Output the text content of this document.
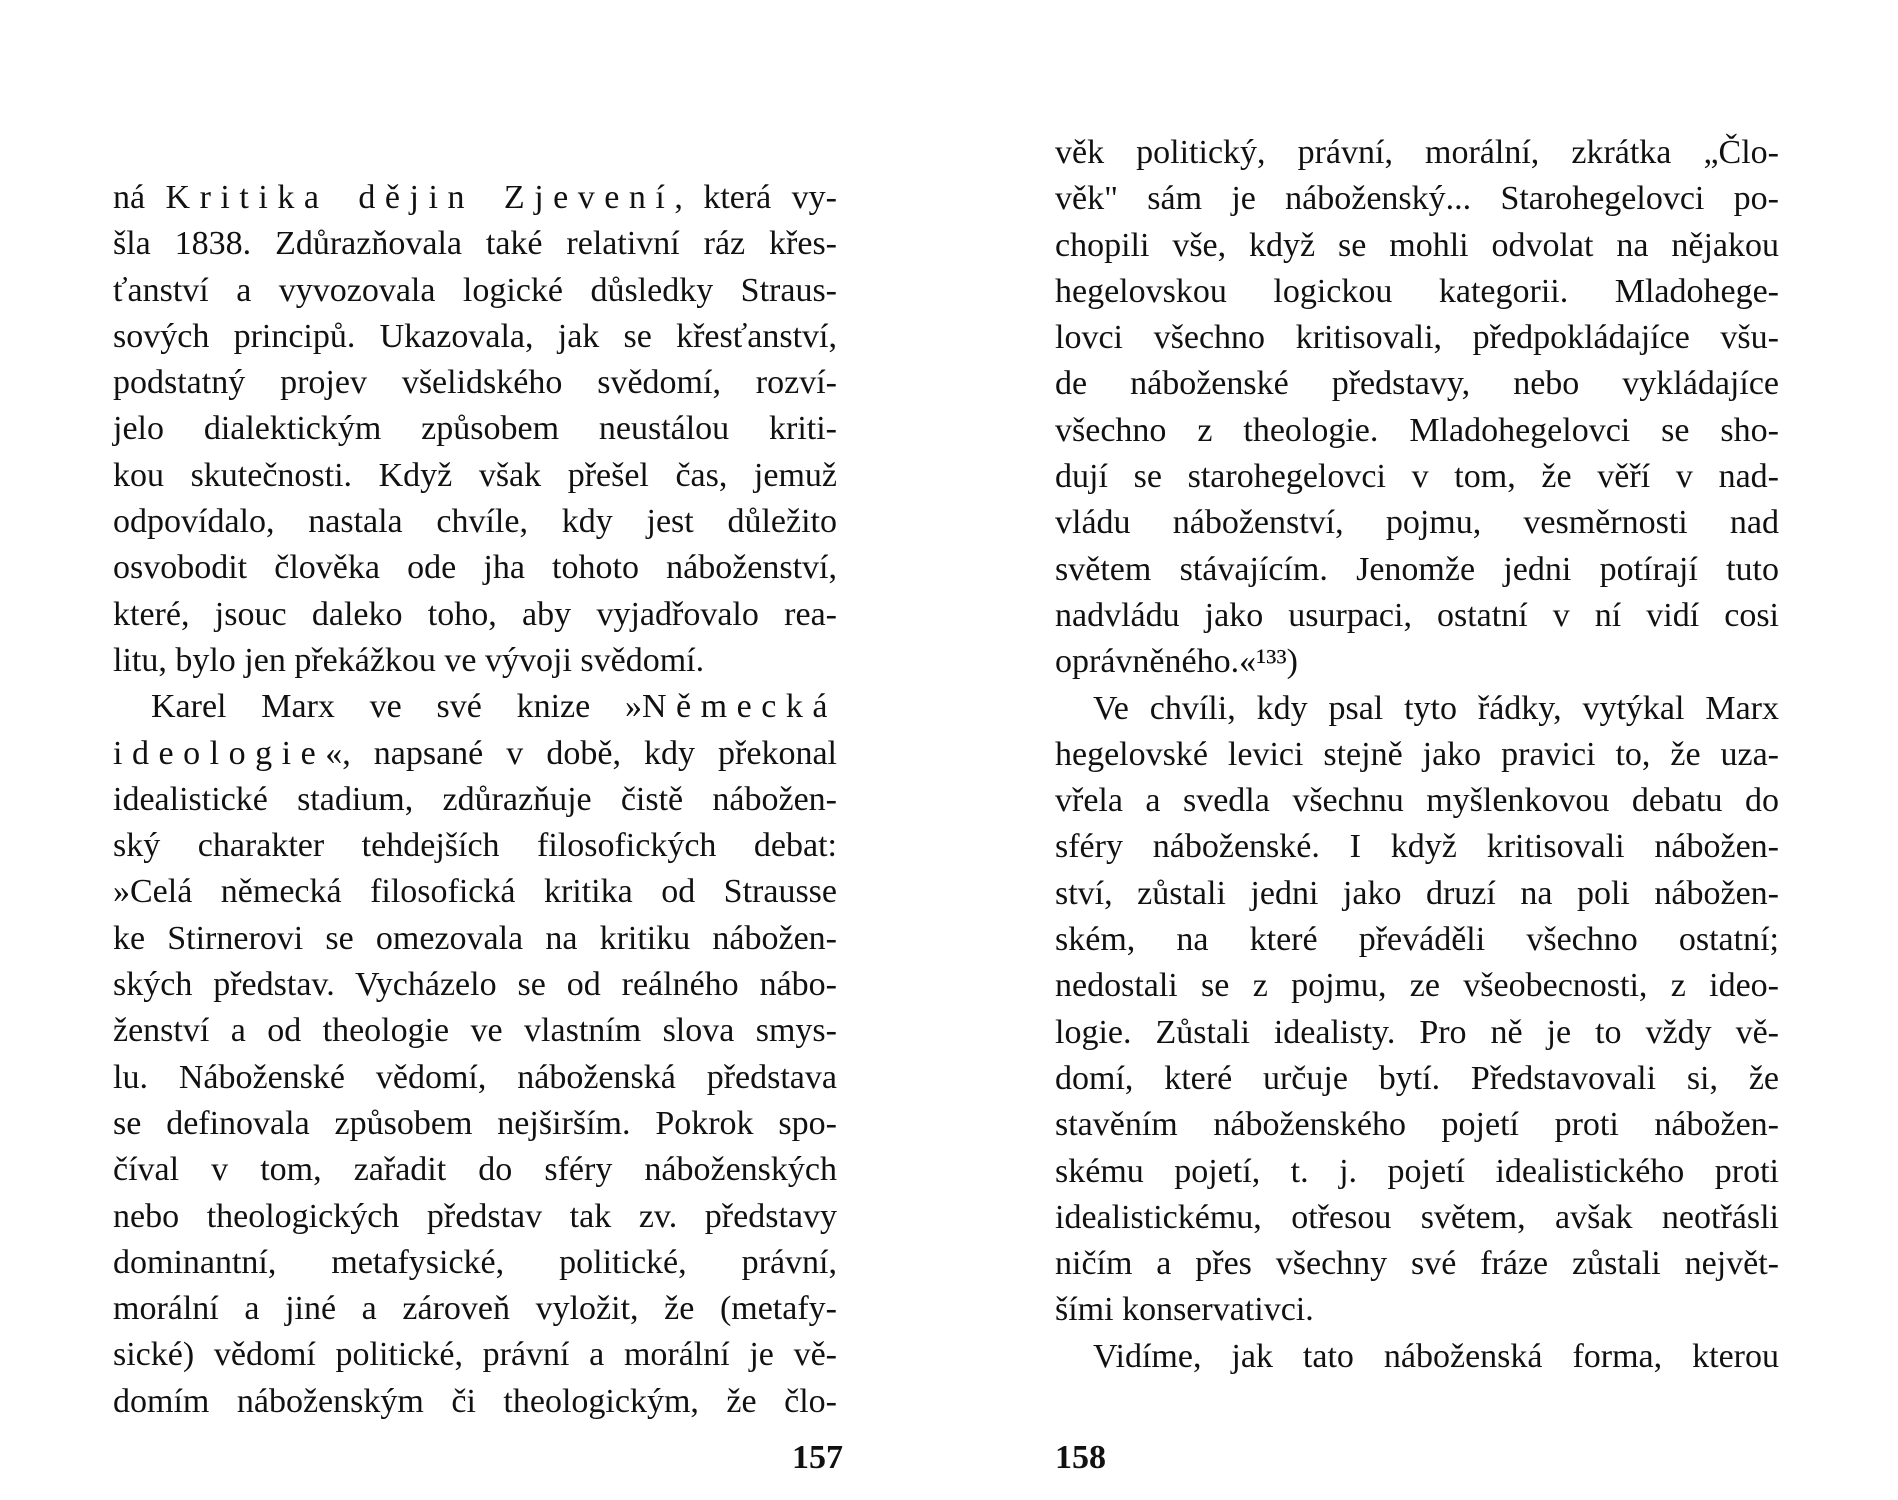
ná Kritika dějin Zjevení, která vy-
šla 1838. Zdůrazňovala také relativní ráz křes-
ťanství a vyvozovala logické důsledky Straus-
sových principů. Ukazovala, jak se křesťanství,
podstatný projev všelidského svědomí, rozví-
jelo dialektickým způsobem neustálou kriti-
kou skutečnosti. Když však přešel čas, jemuž
odpovídalo, nastala chvíle, kdy jest důležito
osvobodit člověka ode jha tohoto náboženství,
které, jsouc daleko toho, aby vyjadřovalo rea-
litu, bylo jen překážkou ve vývoji svědomí.
Karel Marx ve své knize »Německá
ideologie«, napsané v době, kdy překonal
idealistické stadium, zdůrazňuje čistě nábožen-
ský charakter tehdejších filosofických debat:
»Celá německá filosofická kritika od Strausse
ke Stirnerovi se omezovala na kritiku nábožen-
ských představ. Vycházelo se od reálného nábo-
ženství a od theologie ve vlastním slova smys-
lu. Náboženské vědomí, náboženská představa
se definovala způsobem nejširším. Pokrok spo-
číval v tom, zařadit do sféry náboženských
nebo theologických představ tak zv. představy
dominantní, metafysické, politické, právní,
morální a jiné a zároveň vyložit, že (metafy-
sické) vědomí politické, právní a morální je vě-
domím náboženským či theologickým, že člo-
157
věk politický, právní, morální, zkrátka „Člo-
věk" sám je náboženský... Starohegelovci po-
chopili vše, když se mohli odvolat na nějakou
hegelovskou logickou kategorii. Mladohege-
lovci všechno kritisovali, předpokládajíce všu-
de náboženské představy, nebo vykládajíce
všechno z theologie. Mladohegelovci se sho-
dují se starohegelovci v tom, že věří v nad-
vládu náboženství, pojmu, vesměrnosti nad
světem stávajícím. Jenomže jedni potírají tuto
nadvládu jako usurpaci, ostatní v ní vidí cosi
oprávněného.«¹³³)
Ve chvíli, kdy psal tyto řádky, vytýkal Marx
hegelovské levici stejně jako pravici to, že uza-
vřela a svedla všechnu myšlenkovou debatu do
sféry náboženské. I když kritisovali nábožen-
ství, zůstali jedni jako druzí na poli nábožen-
ském, na které převáděli všechno ostatní;
nedostali se z pojmu, ze všeobecnosti, z ideo-
logie. Zůstali idealisty. Pro ně je to vždy vě-
domí, které určuje bytí. Představovali si, že
stavěním náboženského pojetí proti nábožen-
skému pojetí, t. j. pojetí idealistického proti
idealistickému, otřesou světem, avšak neotřásli
ničím a přes všechny své fráze zůstali největ-
šími konservativci.
Vidíme, jak tato náboženská forma, kterou
158
